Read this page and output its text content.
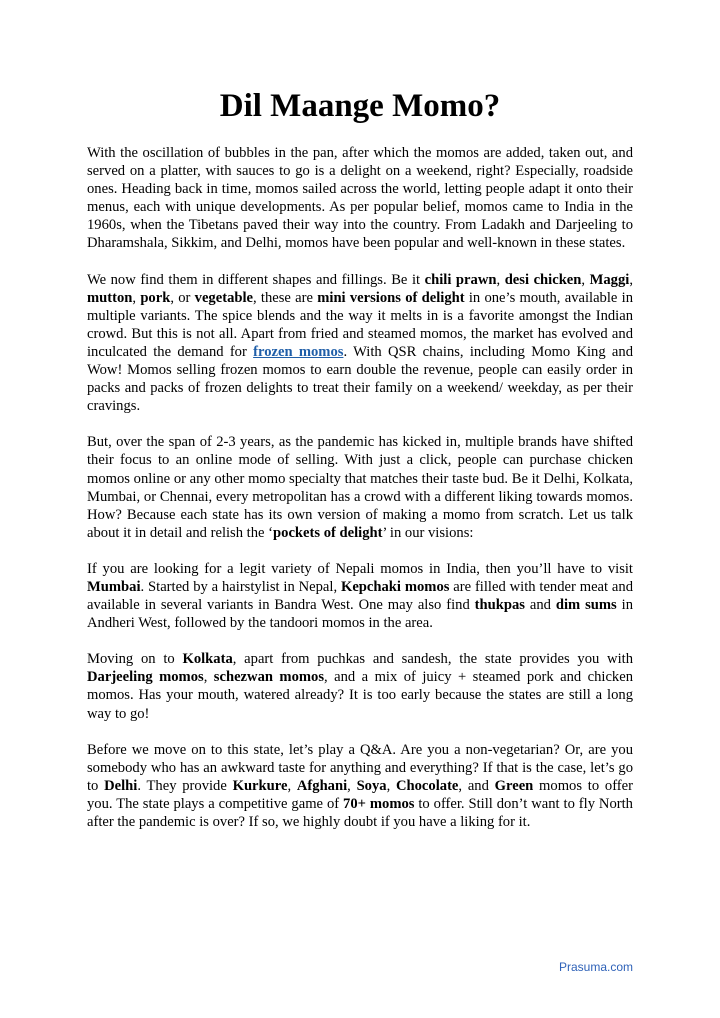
Dil Maange Momo?

With the oscillation of bubbles in the pan, after which the momos are added, taken out, and served on a platter, with sauces to go is a delight on a weekend, right? Especially, roadside ones. Heading back in time, momos sailed across the world, letting people adapt it onto their menus, each with unique developments. As per popular belief, momos came to India in the 1960s, when the Tibetans paved their way into the country. From Ladakh and Darjeeling to Dharamshala, Sikkim, and Delhi, momos have been popular and well-known in these states.

We now find them in different shapes and fillings. Be it chili prawn, desi chicken, Maggi, mutton, pork, or vegetable, these are mini versions of delight in one’s mouth, available in multiple variants. The spice blends and the way it melts in is a favorite amongst the Indian crowd. But this is not all. Apart from fried and steamed momos, the market has evolved and inculcated the demand for frozen momos. With QSR chains, including Momo King and Wow! Momos selling frozen momos to earn double the revenue, people can easily order in packs and packs of frozen delights to treat their family on a weekend/ weekday, as per their cravings.

But, over the span of 2-3 years, as the pandemic has kicked in, multiple brands have shifted their focus to an online mode of selling. With just a click, people can purchase chicken momos online or any other momo specialty that matches their taste bud. Be it Delhi, Kolkata, Mumbai, or Chennai, every metropolitan has a crowd with a different liking towards momos. How? Because each state has its own version of making a momo from scratch. Let us talk about it in detail and relish the ‘pockets of delight’ in our visions:

If you are looking for a legit variety of Nepali momos in India, then you’ll have to visit Mumbai. Started by a hairstylist in Nepal, Kepchaki momos are filled with tender meat and available in several variants in Bandra West. One may also find thukpas and dim sums in Andheri West, followed by the tandoori momos in the area.

Moving on to Kolkata, apart from puchkas and sandesh, the state provides you with Darjeeling momos, schezwan momos, and a mix of juicy + steamed pork and chicken momos. Has your mouth, watered already? It is too early because the states are still a long way to go!

Before we move on to this state, let’s play a Q&A. Are you a non-vegetarian? Or, are you somebody who has an awkward taste for anything and everything? If that is the case, let’s go to Delhi. They provide Kurkure, Afghani, Soya, Chocolate, and Green momos to offer you. The state plays a competitive game of 70+ momos to offer. Still don’t want to fly North after the pandemic is over? If so, we highly doubt if you have a liking for it.

Prasuma.com
